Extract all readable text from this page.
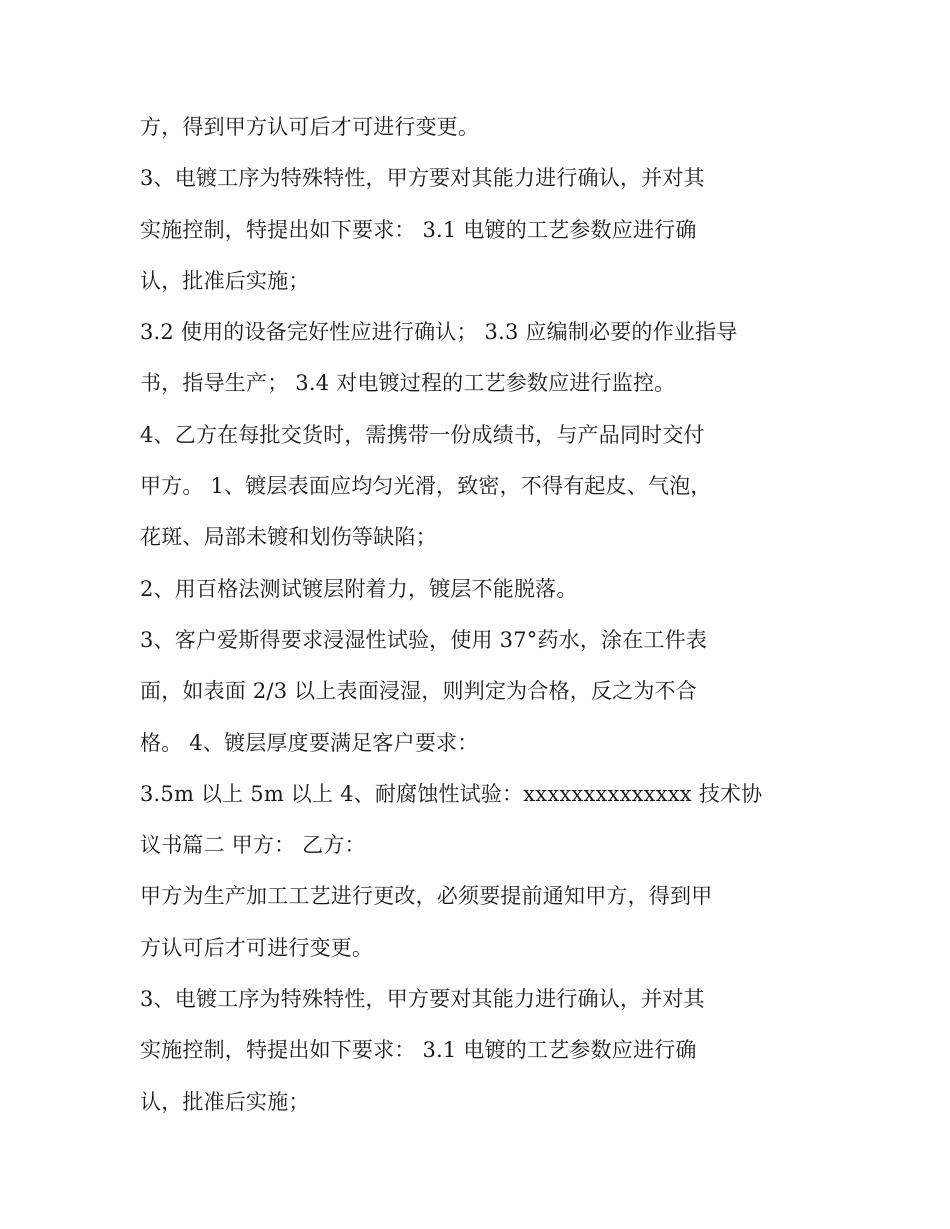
方，得到甲方认可后才可进行变更。
3、电镀工序为特殊特性，甲方要对其能力进行确认，并对其
实施控制，特提出如下要求： 3.1 电镀的工艺参数应进行确
认，批准后实施；
3.2 使用的设备完好性应进行确认； 3.3 应编制必要的作业指导
书，指导生产； 3.4 对电镀过程的工艺参数应进行监控。
4、乙方在每批交货时，需携带一份成绩书，与产品同时交付
甲方。 1、镀层表面应均匀光滑，致密，不得有起皮、气泡，
花斑、局部未镀和划伤等缺陷；
2、用百格法测试镀层附着力，镀层不能脱落。
3、客户爱斯得要求浸湿性试验，使用 37°药水，涂在工件表
面，如表面 2/3 以上表面浸湿，则判定为合格，反之为不合
格。 4、镀层厚度要满足客户要求：
3.5m 以上 5m 以上 4、耐腐蚀性试验：xxxxxxxxxxxxxx 技术协
议书篇二 甲方： 乙方：
甲方为生产加工工艺进行更改，必须要提前通知甲方，得到甲
方认可后才可进行变更。
3、电镀工序为特殊特性，甲方要对其能力进行确认，并对其
实施控制，特提出如下要求： 3.1 电镀的工艺参数应进行确
认，批准后实施；
